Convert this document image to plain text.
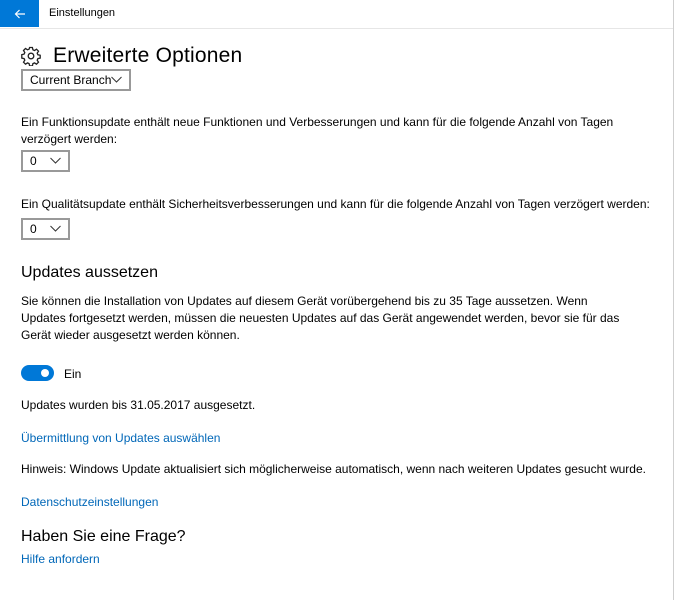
Einstellungen
Erweiterte Optionen
Current Branch
Ein Funktionsupdate enthält neue Funktionen und Verbesserungen und kann für die folgende Anzahl von Tagen verzögert werden:
0
Ein Qualitätsupdate enthält Sicherheitsverbesserungen und kann für die folgende Anzahl von Tagen verzögert werden:
0
Updates aussetzen
Sie können die Installation von Updates auf diesem Gerät vorübergehend bis zu 35 Tage aussetzen. Wenn Updates fortgesetzt werden, müssen die neuesten Updates auf das Gerät angewendet werden, bevor sie für das Gerät wieder ausgesetzt werden können.
Ein
Updates wurden bis 31.05.2017 ausgesetzt.
Übermittlung von Updates auswählen
Hinweis: Windows Update aktualisiert sich möglicherweise automatisch, wenn nach weiteren Updates gesucht wurde.
Datenschutzeinstellungen
Haben Sie eine Frage?
Hilfe anfordern
